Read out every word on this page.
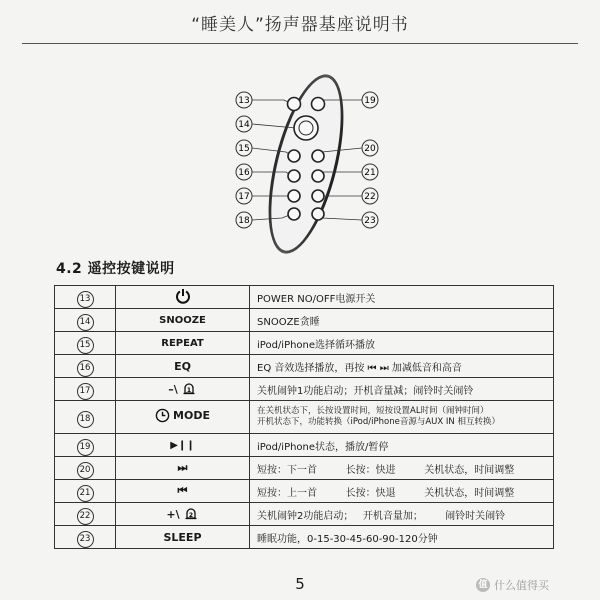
“睡美人”扬声器基座说明书
13
14
15
16
17
18
19
20
21
22
23
4.2 遥控按键说明
13		POWER NO/OFF电源开关
14	SNOOZE	SNOOZE贪睡
15	REPEAT	iPod/iPhone选择循环播放
16	EQ	EQ 音效选择播放，再按 ⏮ ⏭ 加减低音和高音
17	–\ 1	关机闹钟1功能启动；开机音量减；闹铃时关闹铃
18	MODE	在关机状态下，长按设置时间，短按设置AL时间（闹钟时间）
开机状态下，功能转换（iPod/iPhone音源与AUX IN 相互转换）

19	▶❙❙	iPod/iPhone状态，播放/暂停
20	⏭	短按：下一首         长按：快进         关机状态，时间调整
21	⏮	短按：上一首         长按：快退         关机状态，时间调整
22	+\ 2	关机闹钟2功能启动；   开机音量加；       闹铃时关闹铃
23	SLEEP	睡眠功能，0-15-30-45-60-90-120分钟
5	值 什么值得买
